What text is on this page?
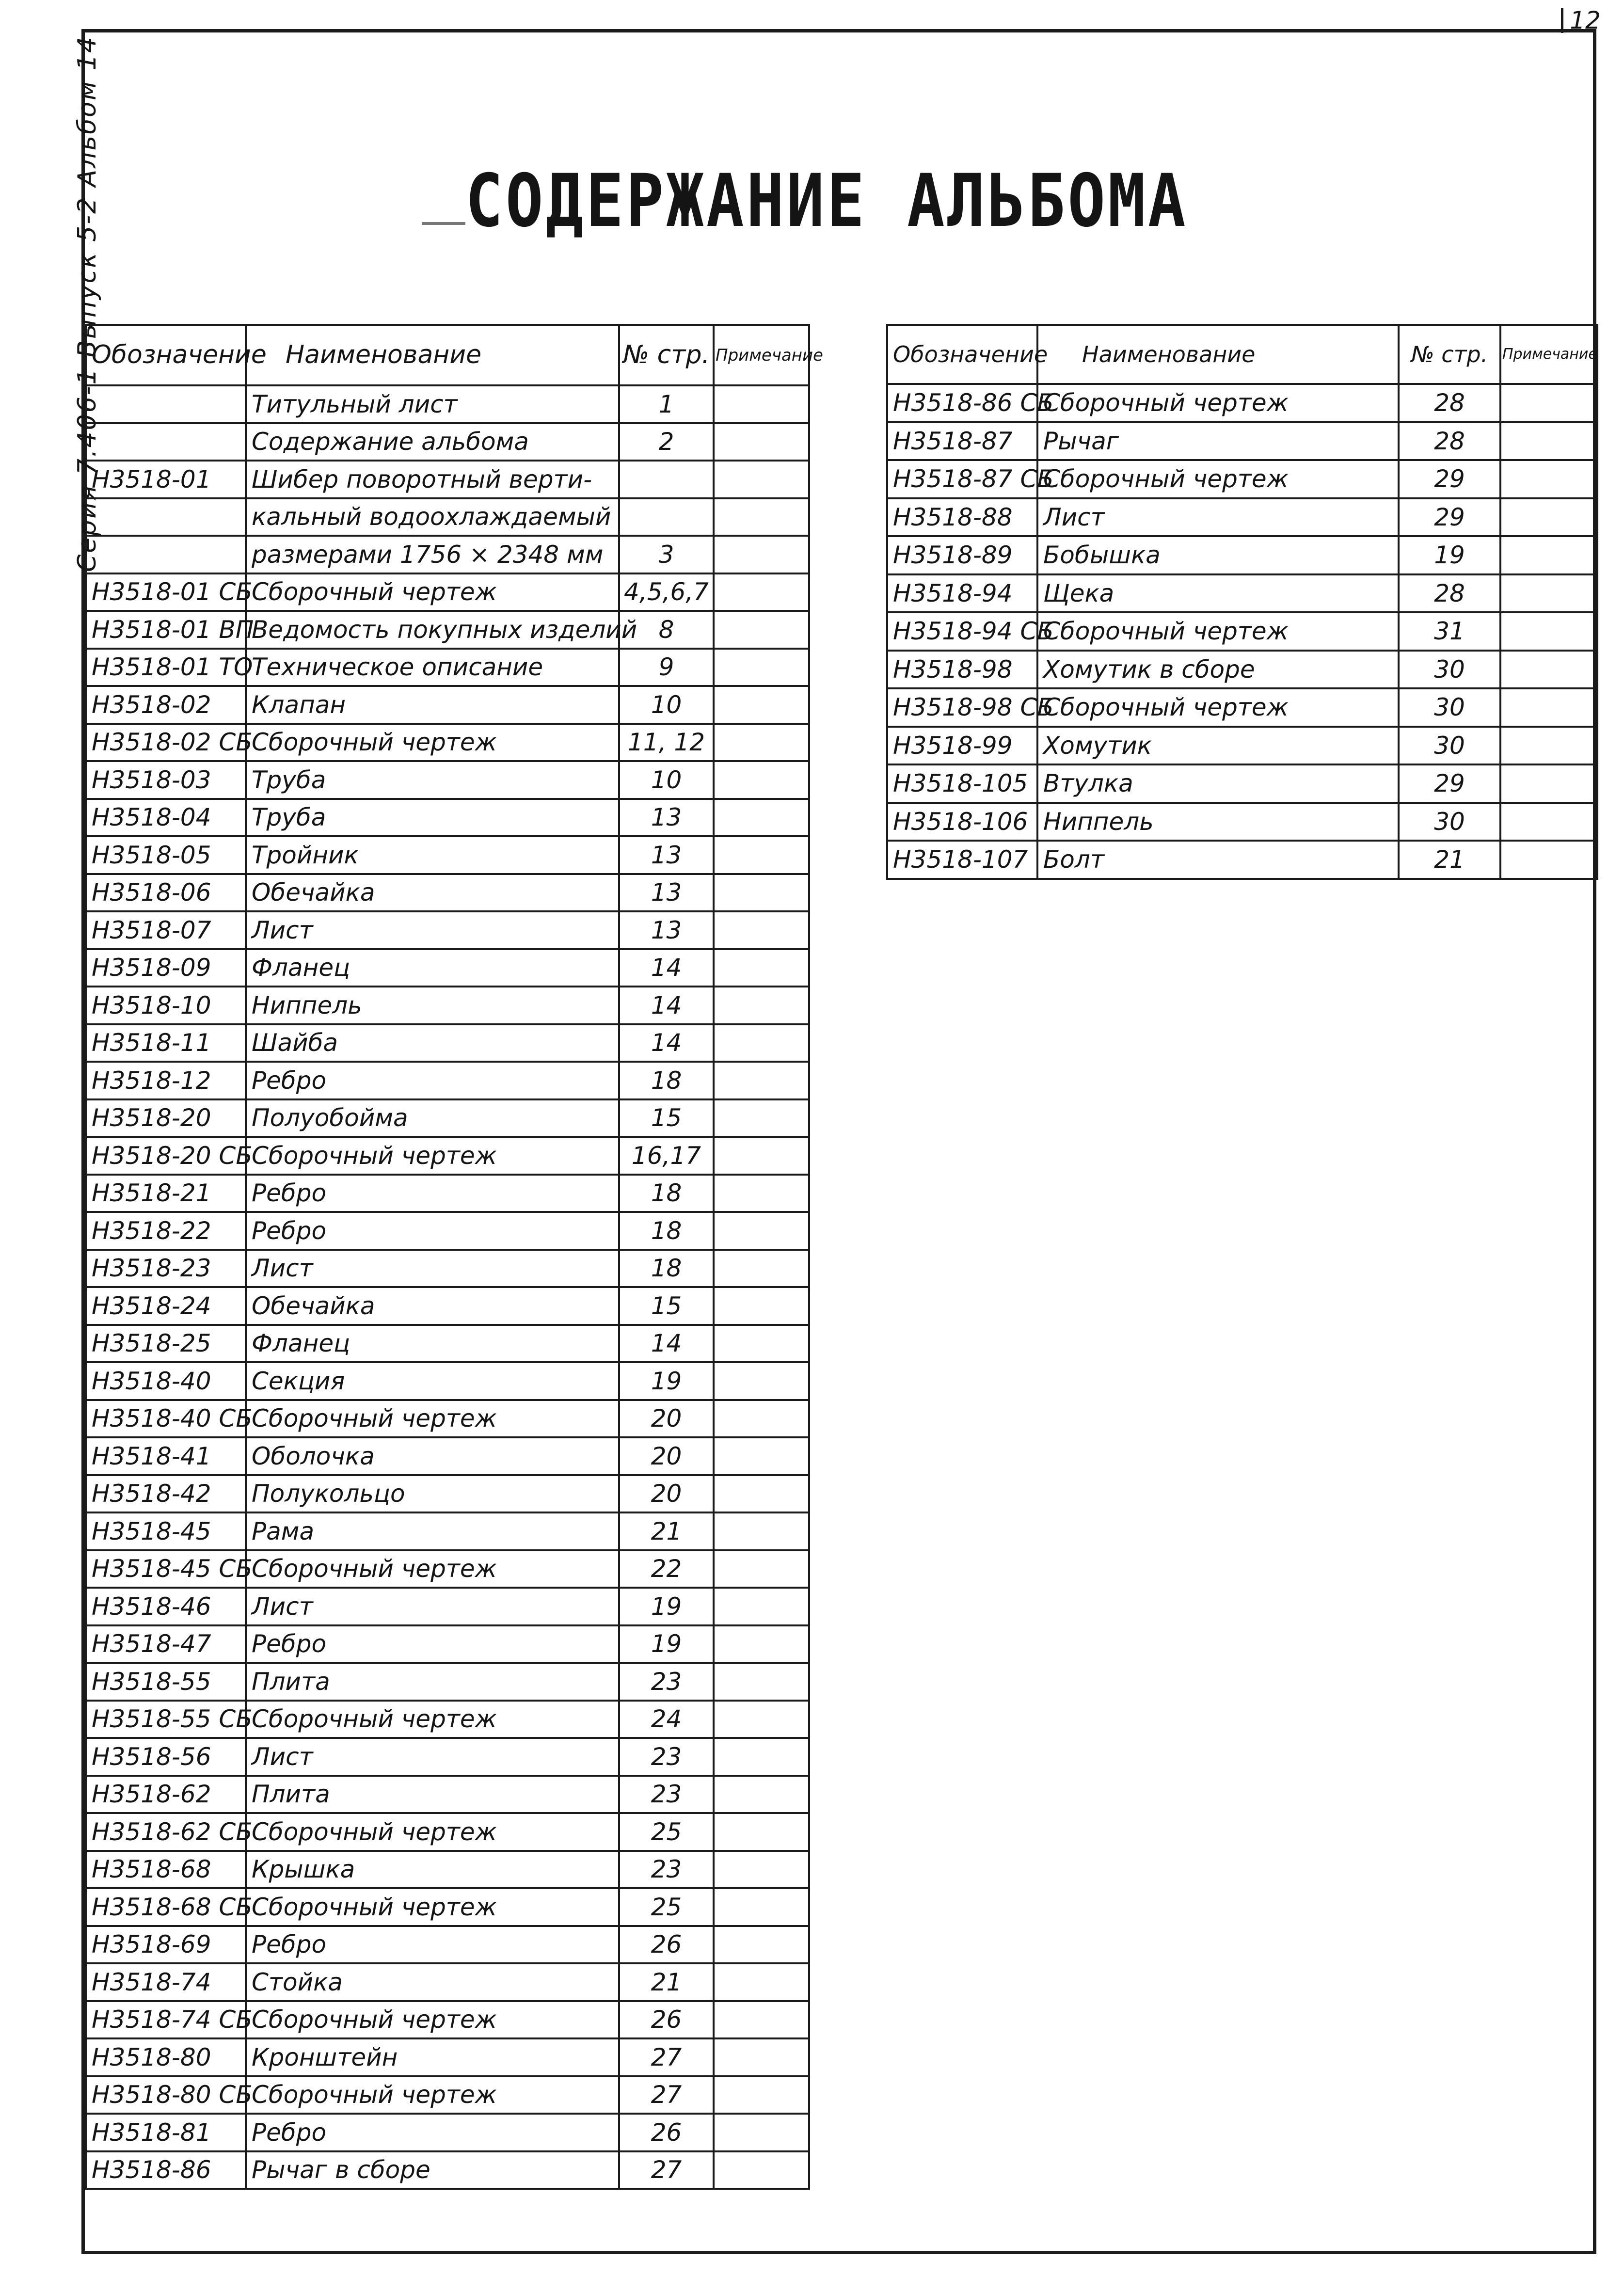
12
Серия 7.406-1 Выпуск 5-2 Альбом 14	СОДЕРЖАНИЕ АЛЬБОМА
Обозначение	Наименование	№ стр.	Примечание
	Титульный лист	1	
	Содержание альбома	2	
Н3518-01	Шибер поворотный верти-		
	кальный водоохлаждаемый		
	размерами 1756 × 2348 мм	3	
Н3518-01 СБ	Сборочный чертеж	4,5,6,7	
Н3518-01 ВП	Ведомость покупных изделий	8	
Н3518-01 ТО	Техническое описание	9	
Н3518-02	Клапан	10	
Н3518-02 СБ	Сборочный чертеж	11, 12	
Н3518-03	Труба	10	
Н3518-04	Труба	13	
Н3518-05	Тройник	13	
Н3518-06	Обечайка	13	
Н3518-07	Лист	13	
Н3518-09	Фланец	14	
Н3518-10	Ниппель	14	
Н3518-11	Шайба	14	
Н3518-12	Ребро	18	
Н3518-20	Полуобойма	15	
Н3518-20 СБ	Сборочный чертеж	16,17	
Н3518-21	Ребро	18	
Н3518-22	Ребро	18	
Н3518-23	Лист	18	
Н3518-24	Обечайка	15	
Н3518-25	Фланец	14	
Н3518-40	Секция	19	
Н3518-40 СБ	Сборочный чертеж	20	
Н3518-41	Оболочка	20	
Н3518-42	Полукольцо	20	
Н3518-45	Рама	21	
Н3518-45 СБ	Сборочный чертеж	22	
Н3518-46	Лист	19	
Н3518-47	Ребро	19	
Н3518-55	Плита	23	
Н3518-55 СБ	Сборочный чертеж	24	
Н3518-56	Лист	23	
Н3518-62	Плита	23	
Н3518-62 СБ	Сборочный чертеж	25	
Н3518-68	Крышка	23	
Н3518-68 СБ	Сборочный чертеж	25	
Н3518-69	Ребро	26	
Н3518-74	Стойка	21	
Н3518-74 СБ	Сборочный чертеж	26	
Н3518-80	Кронштейн	27	
Н3518-80 СБ	Сборочный чертеж	27	
Н3518-81	Ребро	26	
Н3518-86	Рычаг в сборе	27	
Обозначение	Наименование	№ стр.	Примечание
Н3518-86 СБ	Сборочный чертеж	28	
Н3518-87	Рычаг	28	
Н3518-87 СБ	Сборочный чертеж	29	
Н3518-88	Лист	29	
Н3518-89	Бобышка	19	
Н3518-94	Щека	28	
Н3518-94 СБ	Сборочный чертеж	31	
Н3518-98	Хомутик в сборе	30	
Н3518-98 СБ	Сборочный чертеж	30	
Н3518-99	Хомутик	30	
Н3518-105	Втулка	29	
Н3518-106	Ниппель	30	
Н3518-107	Болт	21	
